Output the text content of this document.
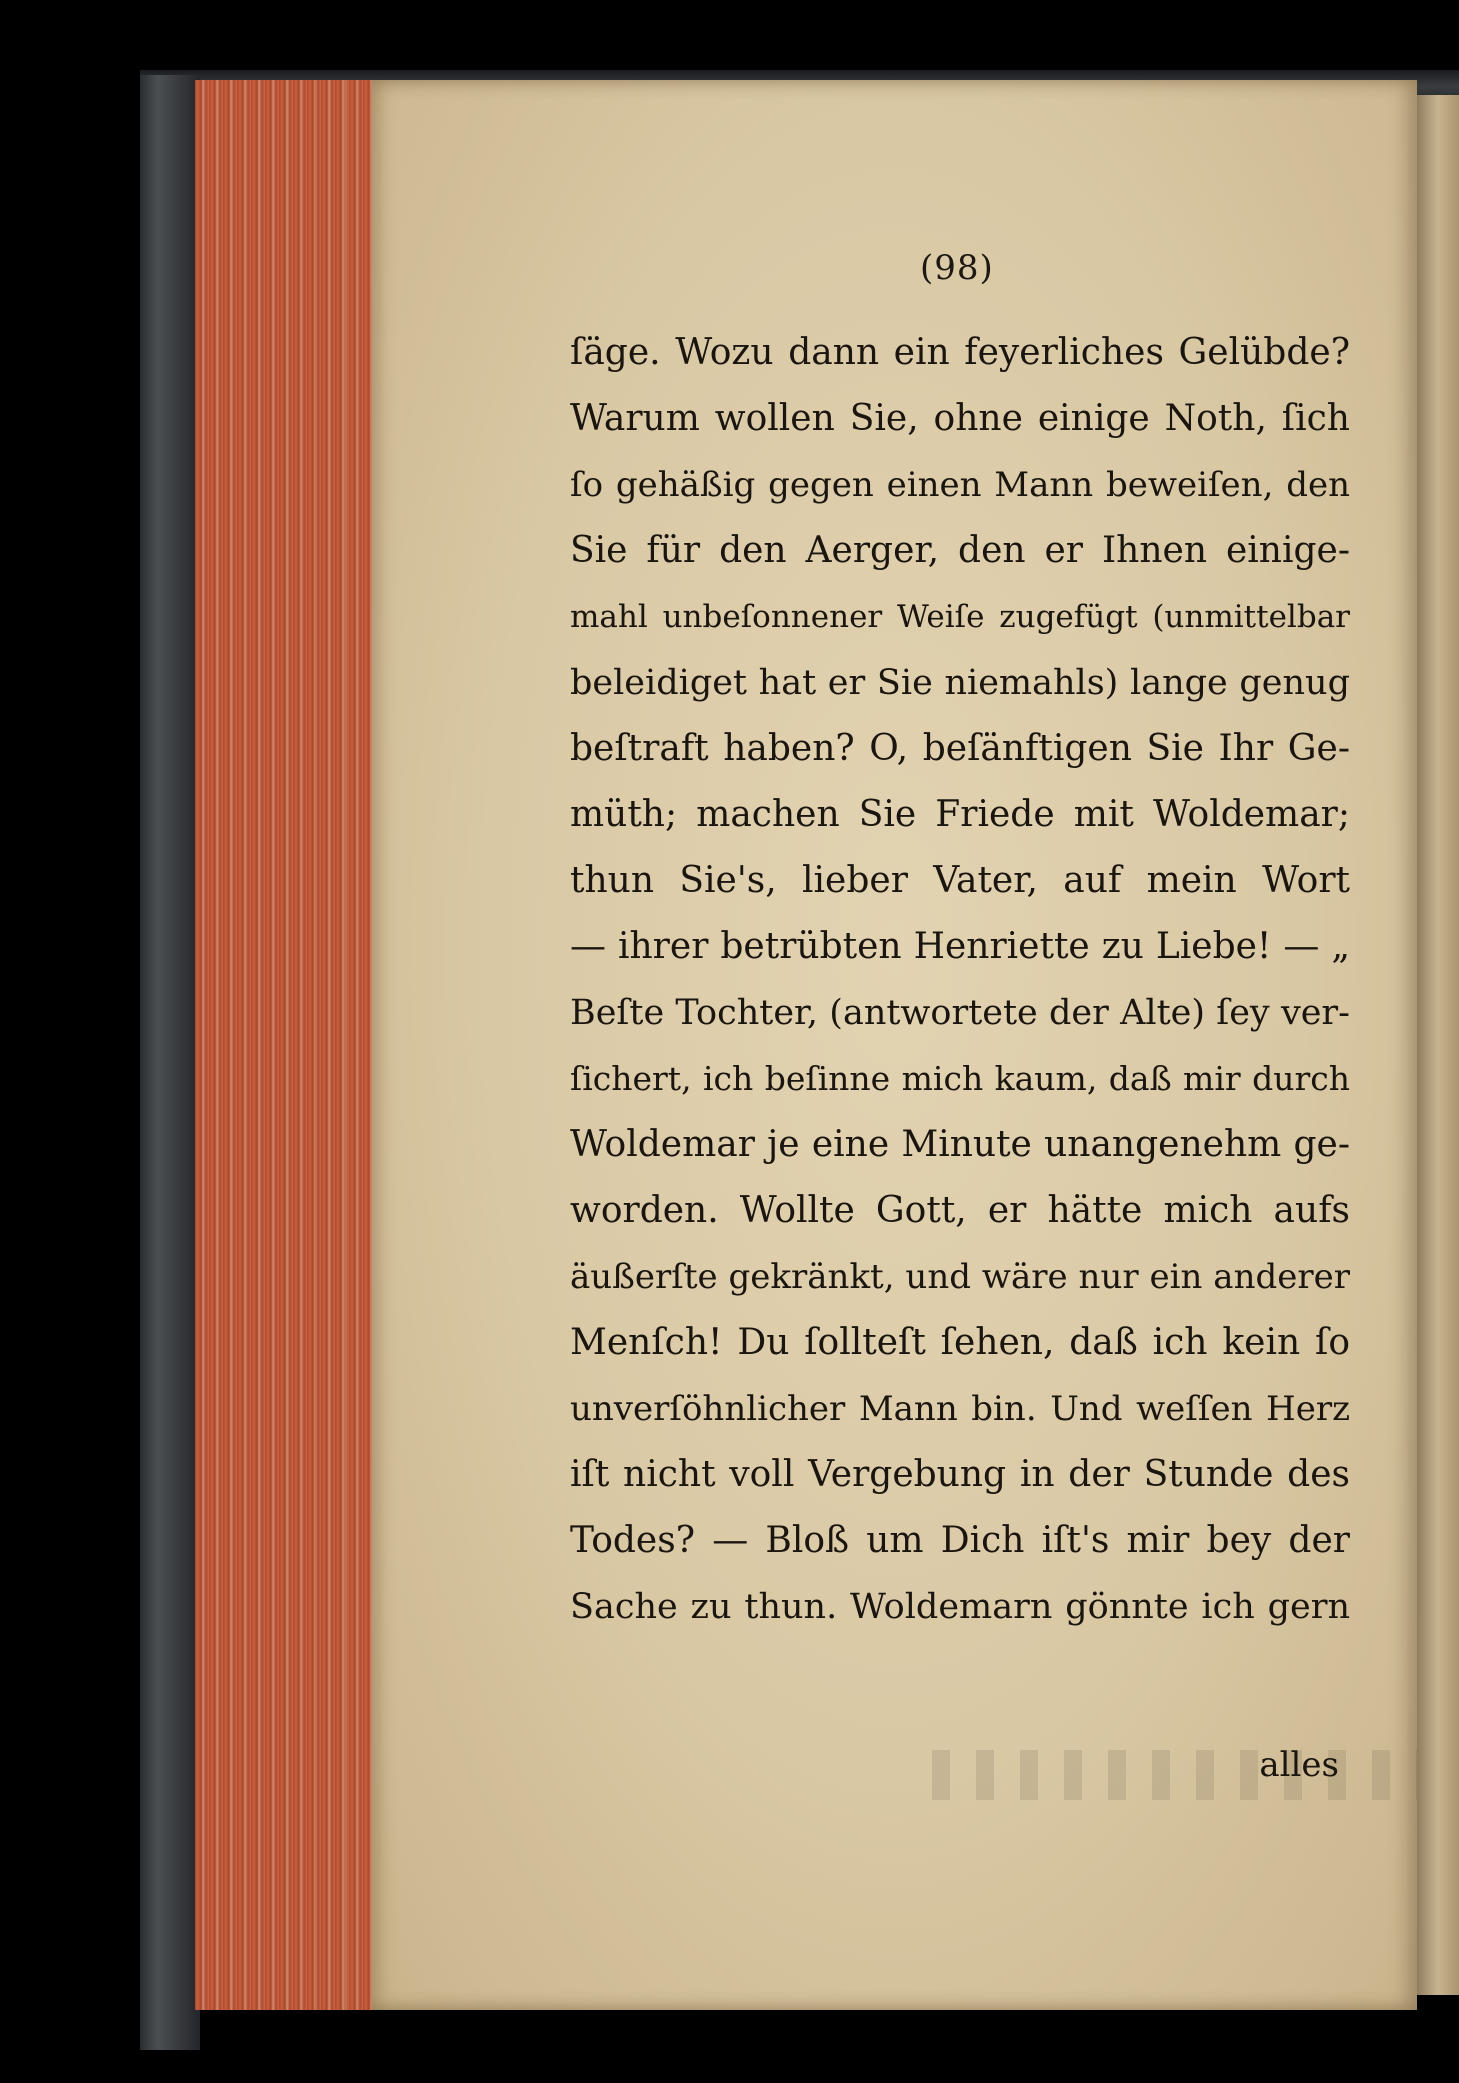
(98)
ſäge. Wozu dann ein feyerliches Gelübde?
Warum wollen Sie, ohne einige Noth, ſich
ſo gehäßig gegen einen Mann beweiſen, den
Sie für den Aerger, den er Ihnen einige-
mahl unbeſonnener Weiſe zugefügt (unmittelbar
beleidiget hat er Sie niemahls) lange genug
beſtraft haben? O, beſänftigen Sie Ihr Ge-
müth; machen Sie Friede mit Woldemar;
thun Sie's, lieber Vater, auf mein Wort
— ihrer betrübten Henriette zu Liebe! — „
Beſte Tochter, (antwortete der Alte) ſey ver-
ſichert, ich beſinne mich kaum, daß mir durch
Woldemar je eine Minute unangenehm ge-
worden. Wollte Gott, er hätte mich aufs
äußerſte gekränkt, und wäre nur ein anderer
Menſch! Du ſollteſt ſehen, daß ich kein ſo
unverſöhnlicher Mann bin. Und weſſen Herz
iſt nicht voll Vergebung in der Stunde des
Todes? — Bloß um Dich iſt's mir bey der
Sache zu thun. Woldemarn gönnte ich gern
alles
